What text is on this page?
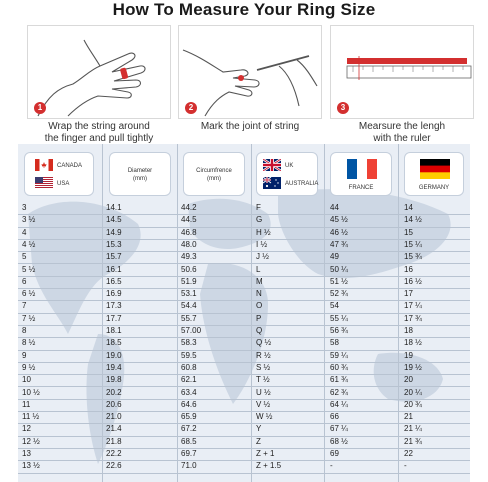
How To Measure Your Ring Size
1
Wrap the string around
the finger and pull tightly
2
Mark the joint of string
3
Mearsure the lengh
with the ruler
CANADA
USA
Diameter
(mm)
Circumfrence
(mm)
UK
AUSTRALIA
FRANCE	GERMANY
3	14.1	44.2	F	44	14
3 ½	14.5	44.5	G	45 ½	14 ½
4	14.9	46.8	H ½	46 ½	15
4 ½	15.3	48.0	I ½	47 ¾	15 ¼
5	15.7	49.3	J ½	49	15 ¾
5 ½	16.1	50.6	L	50 ¼	16
6	16.5	51.9	M	51 ½	16 ½
6 ½	16.9	53.1	N	52 ¾	17
7	17.3	54.4	O	54	17 ¼
7 ½	17.7	55.7	P	55 ¼	17 ¾
8	18.1	57.00	Q	56 ¾	18
8 ½	18.5	58.3	Q ½	58	18 ½
9	19.0	59.5	R ½	59 ¼	19
9 ½	19.4	60.8	S ½	60 ¾	19 ½
10	19.8	62.1	T ½	61 ¾	20
10 ½	20.2	63.4	U ½	62 ¾	20 ¼
11	20.6	64.6	V ½	64 ¼	20 ¾
11 ½	21.0	65.9	W ½	66	21
12	21.4	67.2	Y	67 ¼	21 ¼
12 ½	21.8	68.5	Z	68 ½	21 ¾
13	22.2	69.7	Z + 1	69	22
13 ½	22.6	71.0	Z + 1.5	-	-
